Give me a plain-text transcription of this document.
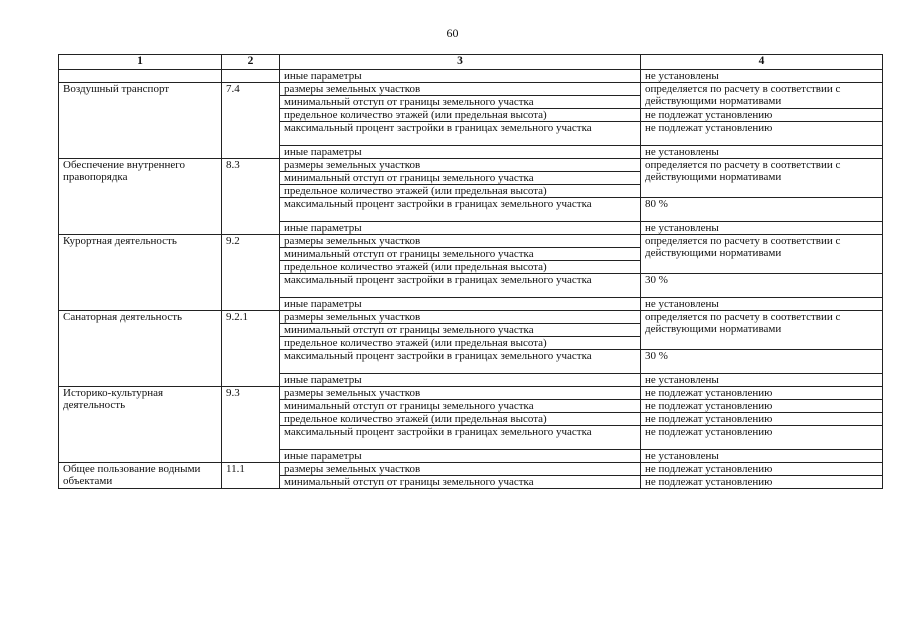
60
1	2	3	4
		иные параметры	не установлены
Воздушный транспорт	7.4	размеры земельных участков	определяется по расчету в соответствии с действующими нормативами
		минимальный отступ от границы земельного участка	
		предельное количество этажей (или предельная высота)	не подлежат установлению
		максимальный процент застройки в границах земельного участка	не подлежат установлению
		иные параметры	не установлены
Обеспечение внутреннего правопорядка	8.3	размеры земельных участков	определяется по расчету в соответствии с действующими нормативами
		минимальный отступ от границы земельного участка	
		предельное количество этажей (или предельная высота)	
		максимальный процент застройки в границах земельного участка	80 %
		иные параметры	не установлены
Курортная деятельность	9.2	размеры земельных участков	определяется по расчету в соответствии с действующими нормативами
		минимальный отступ от границы земельного участка	
		предельное количество этажей (или предельная высота)	
		максимальный процент застройки в границах земельного участка	30 %
		иные параметры	не установлены
Санаторная деятельность	9.2.1	размеры земельных участков	определяется по расчету в соответствии с действующими нормативами
		минимальный отступ от границы земельного участка	
		предельное количество этажей (или предельная высота)	
		максимальный процент застройки в границах земельного участка	30 %
		иные параметры	не установлены
Историко-культурная деятельность	9.3	размеры земельных участков	не подлежат установлению
		минимальный отступ от границы земельного участка	не подлежат установлению
		предельное количество этажей (или предельная высота)	не подлежат установлению
		максимальный процент застройки в границах земельного участка	не подлежат установлению
		иные параметры	не установлены
Общее пользование водными объектами	11.1	размеры земельных участков	не подлежат установлению
		минимальный отступ от границы земельного участка	не подлежат установлению
